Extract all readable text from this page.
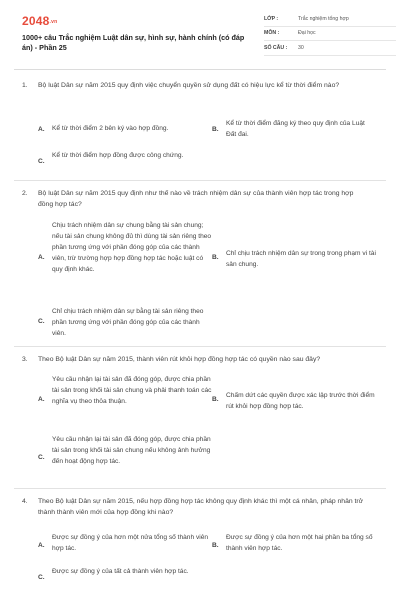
2048.vn
1000+ câu Trắc nghiệm Luật dân sự, hình sự, hành chính (có đáp án) - Phần 25
LỚP :	Trắc nghiệm tổng hợp
MÔN :	Đại học
SỐ CÂU :	30
1. Bộ luật Dân sự năm 2015 quy định việc chuyển quyền sử dụng đất có hiệu lực kể từ thời điểm nào?
A. Kể từ thời điểm 2 bên ký vào hợp đồng.	B.
Kể từ thời điểm đăng ký theo quy định của Luật Đất đai.
C.
Kể từ thời điểm hợp đồng được công chứng.
2. Bộ luật Dân sự năm 2015 quy định như thế nào về trách nhiệm dân sự của thành viên hợp tác trong hợp đồng hợp tác?
A.
Chịu trách nhiệm dân sự chung bằng tài sản chung; nếu tài sản chung không đủ thì dùng tài sản riêng theo phần tương ứng với phần đóng góp của các thành viên, trừ trường hợp hợp đồng hợp tác hoặc luật có quy định khác.
B.
Chỉ chịu trách nhiệm dân sự trong trong phạm vi tài sản chung.
C.
Chỉ chịu trách nhiệm dân sự bằng tài sản riêng theo phần tương ứng với phần đóng góp của các thành viên.
3. Theo Bộ luật Dân sự năm 2015, thành viên rút khỏi hợp đồng hợp tác có quyền nào sau đây?
A.
Yêu cầu nhận lại tài sản đã đóng góp, được chia phần tài sản trong khối tài sản chung và phải thanh toán các nghĩa vụ theo thỏa thuận.	B.
Chấm dứt các quyền được xác lập trước thời điểm rút khỏi hợp đồng hợp tác.
C.
Yêu cầu nhận lại tài sản đã đóng góp, được chia phần tài sản trong khối tài sản chung nếu không ảnh hưởng đến hoạt động hợp tác.
4. Theo Bộ luật Dân sự năm 2015, nếu hợp đồng hợp tác không quy định khác thì một cá nhân, pháp nhân trở thành thành viên mới của hợp đồng khi nào?
A.
Được sự đồng ý của hơn một nửa tổng số thành viên hợp tác.	B.
Được sự đồng ý của hơn một hai phần ba tổng số thành viên hợp tác.
C.
Được sự đồng ý của tất cả thành viên hợp tác.
